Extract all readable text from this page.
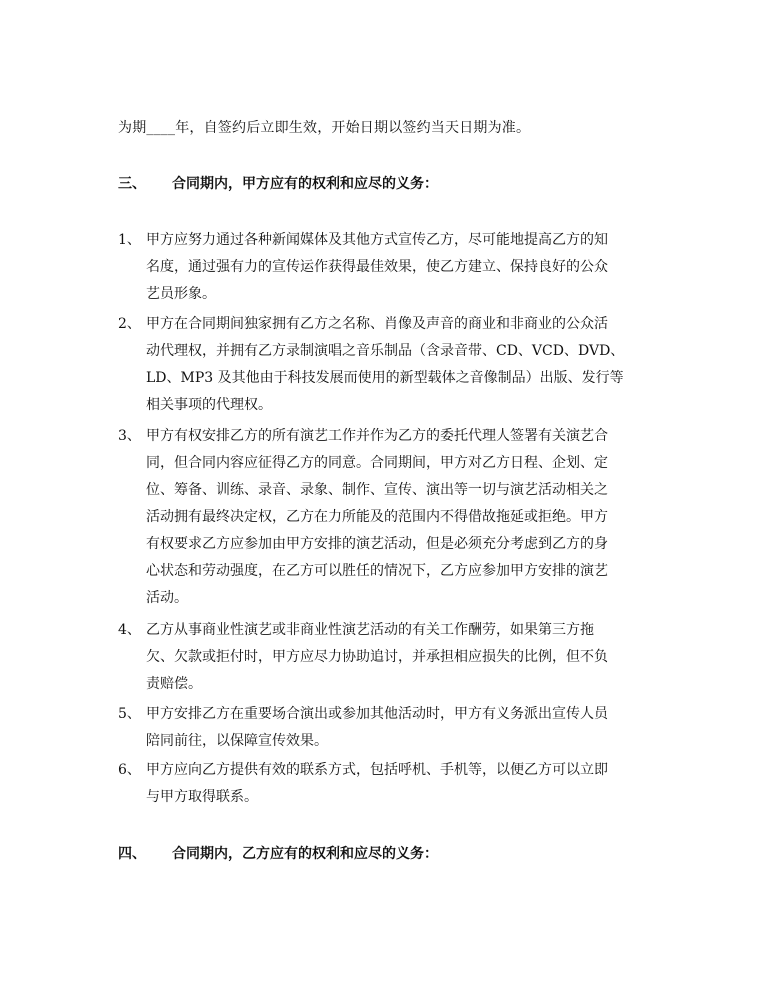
为期____年，自签约后立即生效，开始日期以签约当天日期为准。
三、 合同期内，甲方应有的权利和应尽的义务：
1、 甲方应努力通过各种新闻媒体及其他方式宣传乙方，尽可能地提高乙方的知
名度，通过强有力的宣传运作获得最佳效果，使乙方建立、保持良好的公众
艺员形象。
2、 甲方在合同期间独家拥有乙方之名称、肖像及声音的商业和非商业的公众活
动代理权，并拥有乙方录制演唱之音乐制品（含录音带、CD、VCD、DVD、
LD、MP3 及其他由于科技发展而使用的新型载体之音像制品）出版、发行等
相关事项的代理权。
3、 甲方有权安排乙方的所有演艺工作并作为乙方的委托代理人签署有关演艺合
同，但合同内容应征得乙方的同意。合同期间，甲方对乙方日程、企划、定
位、筹备、训练、录音、录象、制作、宣传、演出等一切与演艺活动相关之
活动拥有最终决定权，乙方在力所能及的范围内不得借故拖延或拒绝。甲方
有权要求乙方应参加由甲方安排的演艺活动，但是必须充分考虑到乙方的身
心状态和劳动强度，在乙方可以胜任的情况下，乙方应参加甲方安排的演艺
活动。
4、 乙方从事商业性演艺或非商业性演艺活动的有关工作酬劳，如果第三方拖
欠、欠款或拒付时，甲方应尽力协助追讨，并承担相应损失的比例，但不负
责赔偿。
5、 甲方安排乙方在重要场合演出或参加其他活动时，甲方有义务派出宣传人员
陪同前往，以保障宣传效果。
6、 甲方应向乙方提供有效的联系方式，包括呼机、手机等，以便乙方可以立即
与甲方取得联系。
四、 合同期内，乙方应有的权利和应尽的义务：
